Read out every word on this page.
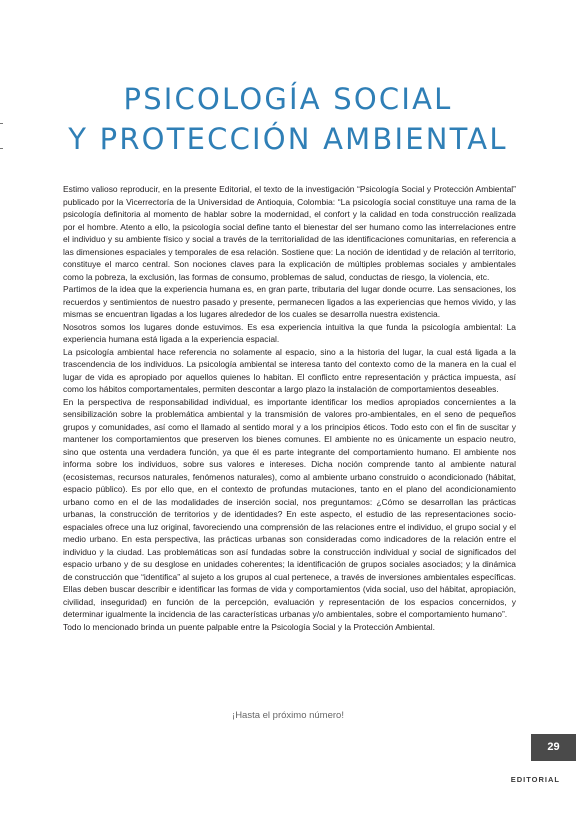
PSICOLOGÍA SOCIAL
Y PROTECCIÓN AMBIENTAL

Estimo valioso reproducir, en la presente Editorial, el texto de la investigación “Psicología Social y Protección Ambiental” publicado por la Vicerrectoría de la Universidad de Antioquia, Colombia: “La psicología social constituye una rama de la psicología definitoria al momento de hablar sobre la modernidad, el confort y la calidad en toda construcción realizada por el hombre. Atento a ello, la psicología social define tanto el bienestar del ser humano como las interrelaciones entre el individuo y su ambiente físico y social a través de la territorialidad de las identificaciones comunitarias, en referencia a las dimensiones espaciales y temporales de esa relación. Sostiene que: La noción de identidad y de relación al territorio, constituye el marco central. Son nociones claves para la explicación de múltiples problemas sociales y ambientales como la pobreza, la exclusión, las formas de consumo, problemas de salud, conductas de riesgo, la violencia, etc.

Partimos de la idea que la experiencia humana es, en gran parte, tributaria del lugar donde ocurre. Las sensaciones, los recuerdos y sentimientos de nuestro pasado y presente, permanecen ligados a las experiencias que hemos vivido, y las mismas se encuentran ligadas a los lugares alrededor de los cuales se desarrolla nuestra existencia.

Nosotros somos los lugares donde estuvimos. Es esa experiencia intuitiva la que funda la psicología ambiental: La experiencia humana está ligada a la experiencia espacial.

La psicología ambiental hace referencia no solamente al espacio, sino a la historia del lugar, la cual está ligada a la trascendencia de los individuos. La psicología ambiental se interesa tanto del contexto como de la manera en la cual el lugar de vida es apropiado por aquellos quienes lo habitan. El conflicto entre representación y práctica impuesta, así como los hábitos comportamentales, permiten descontar a largo plazo la instalación de comportamientos deseables.

En la perspectiva de responsabilidad individual, es importante identificar los medios apropiados concernientes a la sensibilización sobre la problemática ambiental y la transmisión de valores pro-ambientales, en el seno de pequeños grupos y comunidades, así como el llamado al sentido moral y a los principios éticos. Todo esto con el fin de suscitar y mantener los comportamientos que preserven los bienes comunes. El ambiente no es únicamente un espacio neutro, sino que ostenta una verdadera función, ya que él es parte integrante del comportamiento humano. El ambiente nos informa sobre los individuos, sobre sus valores e intereses. Dicha noción comprende tanto al ambiente natural (ecosistemas, recursos naturales, fenómenos naturales), como al ambiente urbano construido o acondicionado (hábitat, espacio público). Es por ello que, en el contexto de profundas mutaciones, tanto en el plano del acondicionamiento urbano como en el de las modalidades de inserción social, nos preguntamos: ¿Cómo se desarrollan las prácticas urbanas, la construcción de territorios y de identidades? En este aspecto, el estudio de las representaciones socio-espaciales ofrece una luz original, favoreciendo una comprensión de las relaciones entre el individuo, el grupo social y el medio urbano. En esta perspectiva, las prácticas urbanas son consideradas como indicadores de la relación entre el individuo y la ciudad. Las problemáticas son así fundadas sobre la construcción individual y social de significados del espacio urbano y de su desglose en unidades coherentes; la identificación de grupos sociales asociados; y la dinámica de construcción que “identifica” al sujeto a los grupos al cual pertenece, a través de inversiones ambientales específicas. Ellas deben buscar describir e identificar las formas de vida y comportamientos (vida social, uso del hábitat, apropiación, civilidad, inseguridad) en función de la percepción, evaluación y representación de los espacios concernidos, y determinar igualmente la incidencia de las características urbanas y/o ambientales, sobre el comportamiento humano”.

Todo lo mencionado brinda un puente palpable entre la Psicología Social y la Protección Ambiental.

¡Hasta el próximo número!
29
EDITORIAL
